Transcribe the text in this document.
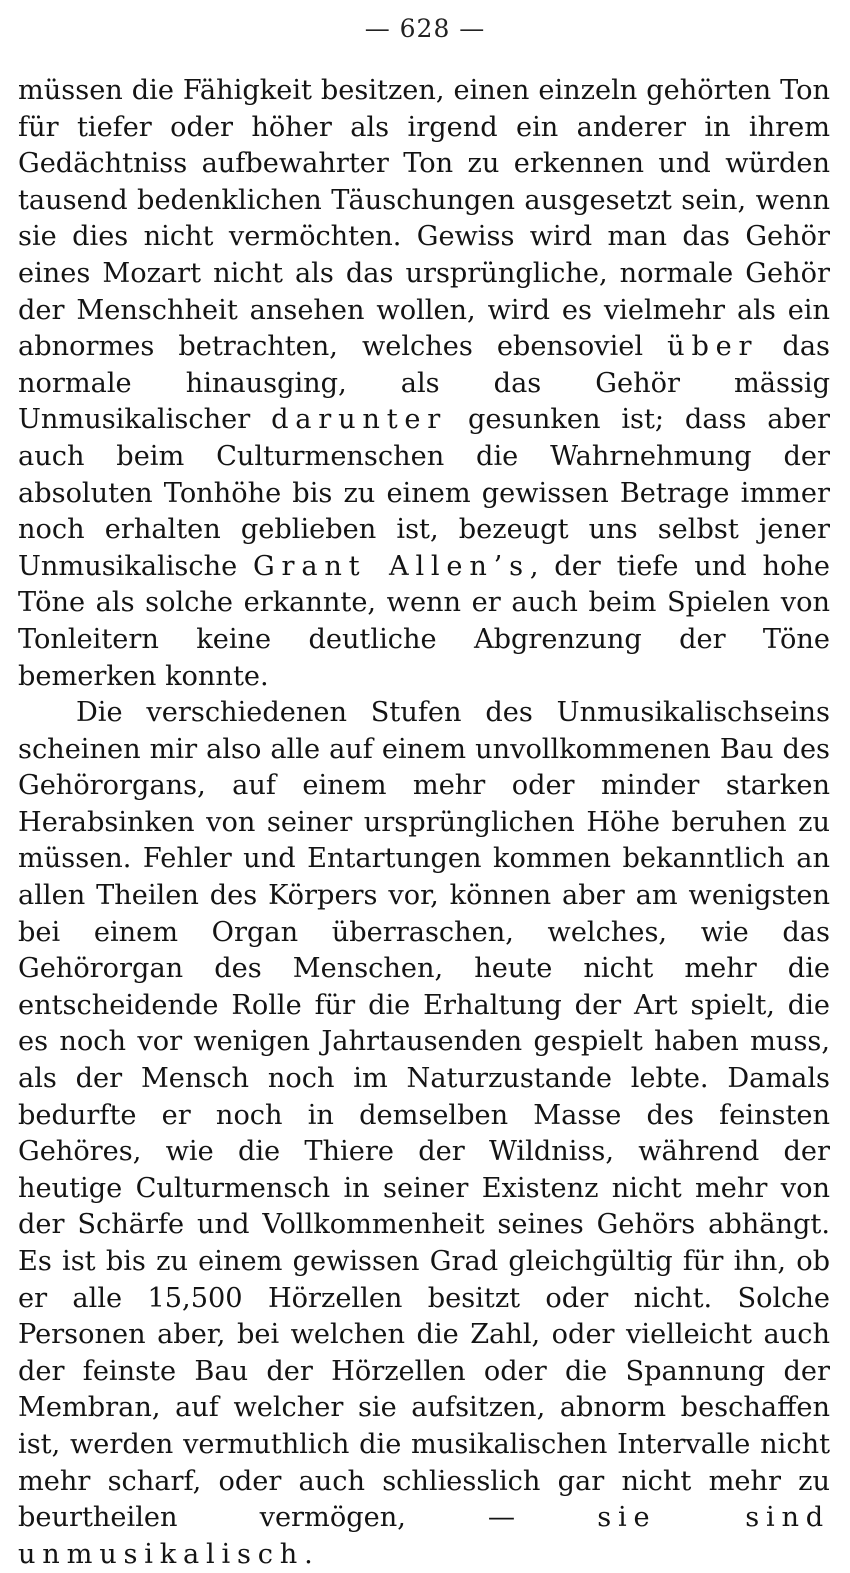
— 628 —

müssen die Fähigkeit besitzen, einen einzeln gehörten Ton für tiefer oder höher als irgend ein anderer in ihrem Gedächtniss aufbewahrter Ton zu erkennen und würden tausend bedenklichen Täuschungen ausgesetzt sein, wenn sie dies nicht vermöchten. Gewiss wird man das Gehör eines Mozart nicht als das ursprüngliche, normale Gehör der Menschheit ansehen wollen, wird es vielmehr als ein abnormes betrachten, welches ebensoviel über das normale hinausging, als das Gehör mässig Unmusikalischer darunter gesunken ist; dass aber auch beim Culturmenschen die Wahrnehmung der absoluten Tonhöhe bis zu einem gewissen Betrage immer noch erhalten geblieben ist, bezeugt uns selbst jener Unmusikalische Grant Allen’s, der tiefe und hohe Töne als solche erkannte, wenn er auch beim Spielen von Tonleitern keine deutliche Abgrenzung der Töne bemerken konnte.

Die verschiedenen Stufen des Unmusikalischseins scheinen mir also alle auf einem unvollkommenen Bau des Gehörorgans, auf einem mehr oder minder starken Herabsinken von seiner ursprünglichen Höhe beruhen zu müssen. Fehler und Entartungen kommen bekanntlich an allen Theilen des Körpers vor, können aber am wenigsten bei einem Organ überraschen, welches, wie das Gehörorgan des Menschen, heute nicht mehr die entscheidende Rolle für die Erhaltung der Art spielt, die es noch vor wenigen Jahrtausenden gespielt haben muss, als der Mensch noch im Naturzustande lebte. Damals bedurfte er noch in demselben Masse des feinsten Gehöres, wie die Thiere der Wildniss, während der heutige Culturmensch in seiner Existenz nicht mehr von der Schärfe und Vollkommenheit seines Gehörs abhängt. Es ist bis zu einem gewissen Grad gleichgültig für ihn, ob er alle 15,500 Hörzellen besitzt oder nicht. Solche Personen aber, bei welchen die Zahl, oder vielleicht auch der feinste Bau der Hörzellen oder die Spannung der Membran, auf welcher sie aufsitzen, abnorm beschaffen ist, werden vermuthlich die musikalischen Intervalle nicht mehr scharf, oder auch schliesslich gar nicht mehr zu beurtheilen vermögen, — sie sind unmusikalisch.
